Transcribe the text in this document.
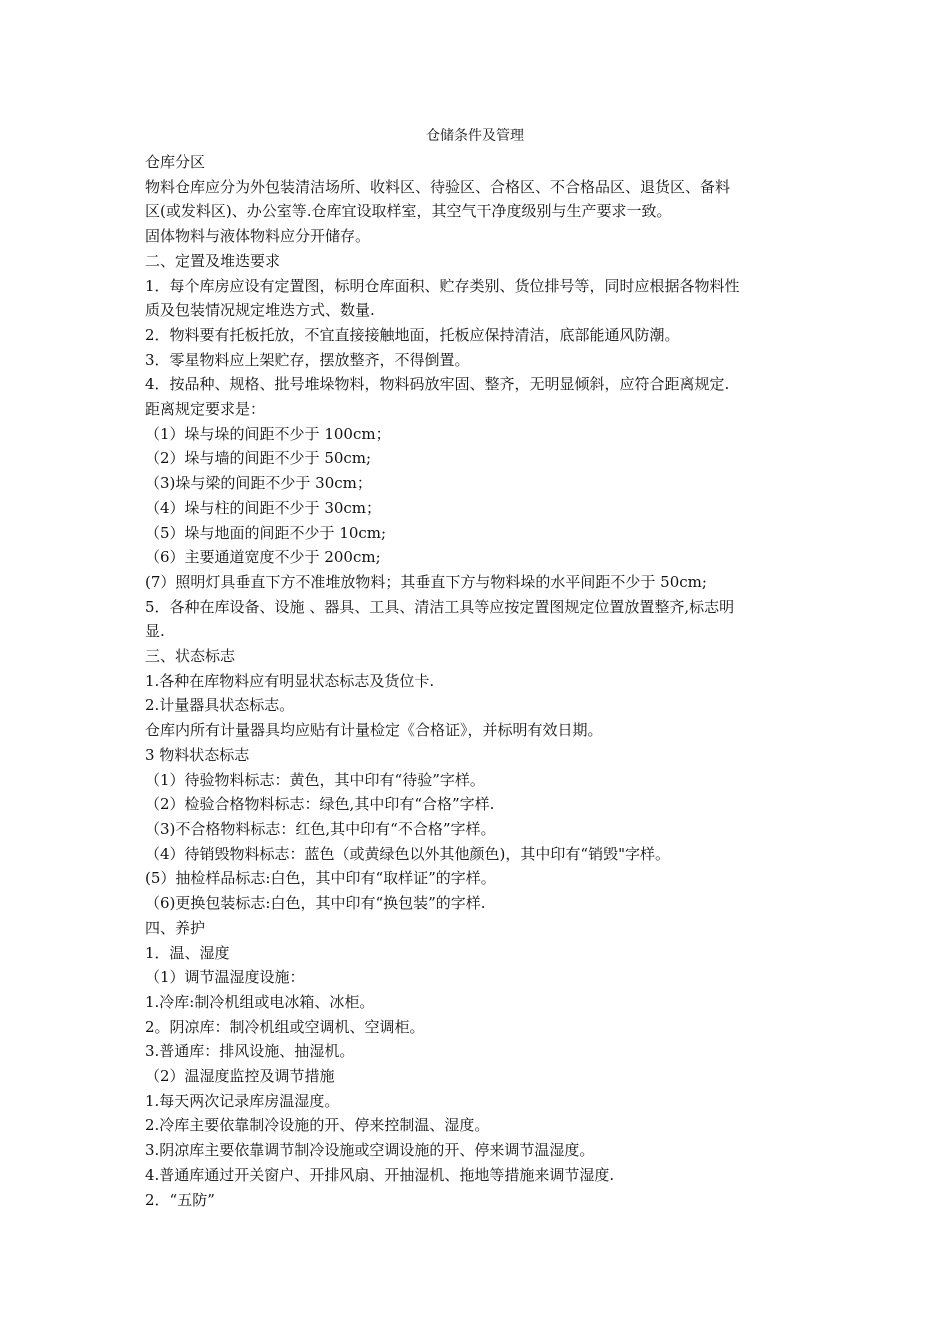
仓储条件及管理

仓库分区

物料仓库应分为外包装清洁场所、收料区、待验区、合格区、不合格品区、退货区、备料

区(或发料区)、办公室等.仓库宜设取样室，其空气干净度级别与生产要求一致。

固体物料与液体物料应分开储存。

二、定置及堆迭要求

1．每个库房应设有定置图，标明仓库面积、贮存类别、货位排号等，同时应根据各物料性

质及包装情况规定堆迭方式、数量.

2．物料要有托板托放，不宜直接接触地面，托板应保持清洁，底部能通风防潮。

3．零星物料应上架贮存，摆放整齐，不得倒置。

4．按品种、规格、批号堆垛物料，物料码放牢固、整齐，无明显倾斜，应符合距离规定.

距离规定要求是：

（1）垛与垛的间距不少于 100cm；

（2）垛与墙的间距不少于 50cm;

（3)垛与梁的间距不少于 30cm；

（4）垛与柱的间距不少于 30cm；

（5）垛与地面的间距不少于 10cm;

（6）主要通道宽度不少于 200cm;

(7）照明灯具垂直下方不准堆放物料；其垂直下方与物料垛的水平间距不少于 50cm;

5．各种在库设备、设施 、器具、工具、清洁工具等应按定置图规定位置放置整齐,标志明

显.

三、状态标志

1.各种在库物料应有明显状态标志及货位卡.

2.计量器具状态标志。

仓库内所有计量器具均应贴有计量检定《合格证》，并标明有效日期。

3 物料状态标志

（1）待验物料标志：黄色，其中印有“待验”字样。

（2）检验合格物料标志：绿色,其中印有“合格”字样.

（3)不合格物料标志：红色,其中印有“不合格”字样。

（4）待销毁物料标志：蓝色（或黄绿色以外其他颜色)，其中印有“销毁"字样。

(5）抽检样品标志:白色，其中印有“取样证”的字样。

（6)更换包装标志:白色，其中印有“换包装”的字样.

四、养护

1．温、湿度

（1）调节温湿度设施：

1.冷库:制冷机组或电冰箱、冰柜。

2。阴凉库：制冷机组或空调机、空调柜。

3.普通库：排风设施、抽湿机。

（2）温湿度监控及调节措施

1.每天两次记录库房温湿度。

2.冷库主要依靠制冷设施的开、停来控制温、湿度。

3.阴凉库主要依靠调节制冷设施或空调设施的开、停来调节温湿度。

4.普通库通过开关窗户、开排风扇、开抽湿机、拖地等措施来调节湿度.

2．“五防”
